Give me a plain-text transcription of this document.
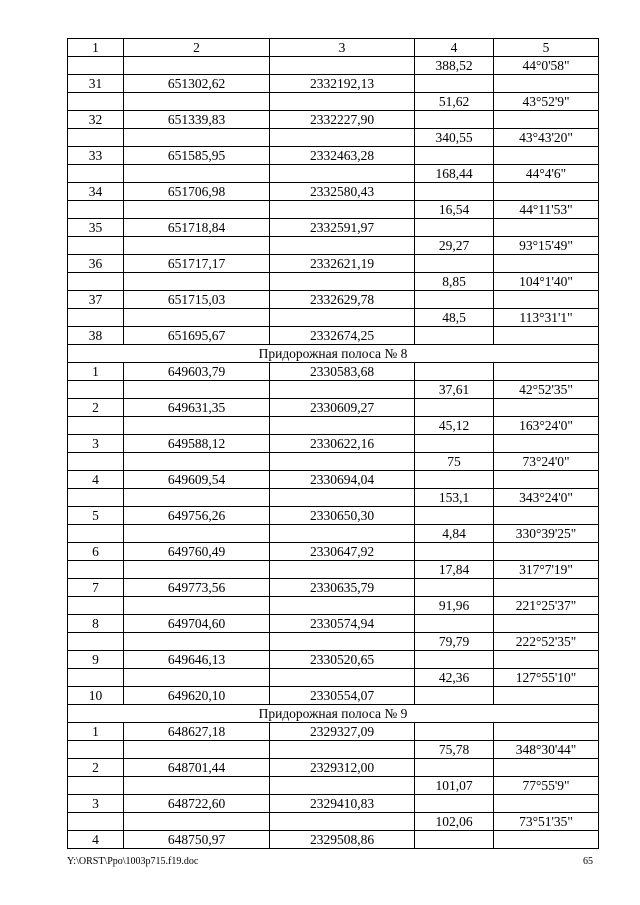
1	2	3	4	5
			388,52	44°0'58"
31	651302,62	2332192,13		
			51,62	43°52'9"
32	651339,83	2332227,90		
			340,55	43°43'20"
33	651585,95	2332463,28		
			168,44	44°4'6"
34	651706,98	2332580,43		
			16,54	44°11'53"
35	651718,84	2332591,97		
			29,27	93°15'49"
36	651717,17	2332621,19		
			8,85	104°1'40"
37	651715,03	2332629,78		
			48,5	113°31'1"
38	651695,67	2332674,25		
Придорожная полоса № 8				
1	649603,79	2330583,68		
			37,61	42°52'35"
2	649631,35	2330609,27		
			45,12	163°24'0"
3	649588,12	2330622,16		
			75	73°24'0"
4	649609,54	2330694,04		
			153,1	343°24'0"
5	649756,26	2330650,30		
			4,84	330°39'25"
6	649760,49	2330647,92		
			17,84	317°7'19"
7	649773,56	2330635,79		
			91,96	221°25'37"
8	649704,60	2330574,94		
			79,79	222°52'35"
9	649646,13	2330520,65		
			42,36	127°55'10"
10	649620,10	2330554,07		
Придорожная полоса № 9				
1	648627,18	2329327,09		
			75,78	348°30'44"
2	648701,44	2329312,00		
			101,07	77°55'9"
3	648722,60	2329410,83		
			102,06	73°51'35"
4	648750,97	2329508,86		
Y:\ORST\Ppo\1003p715.f19.doc	65
